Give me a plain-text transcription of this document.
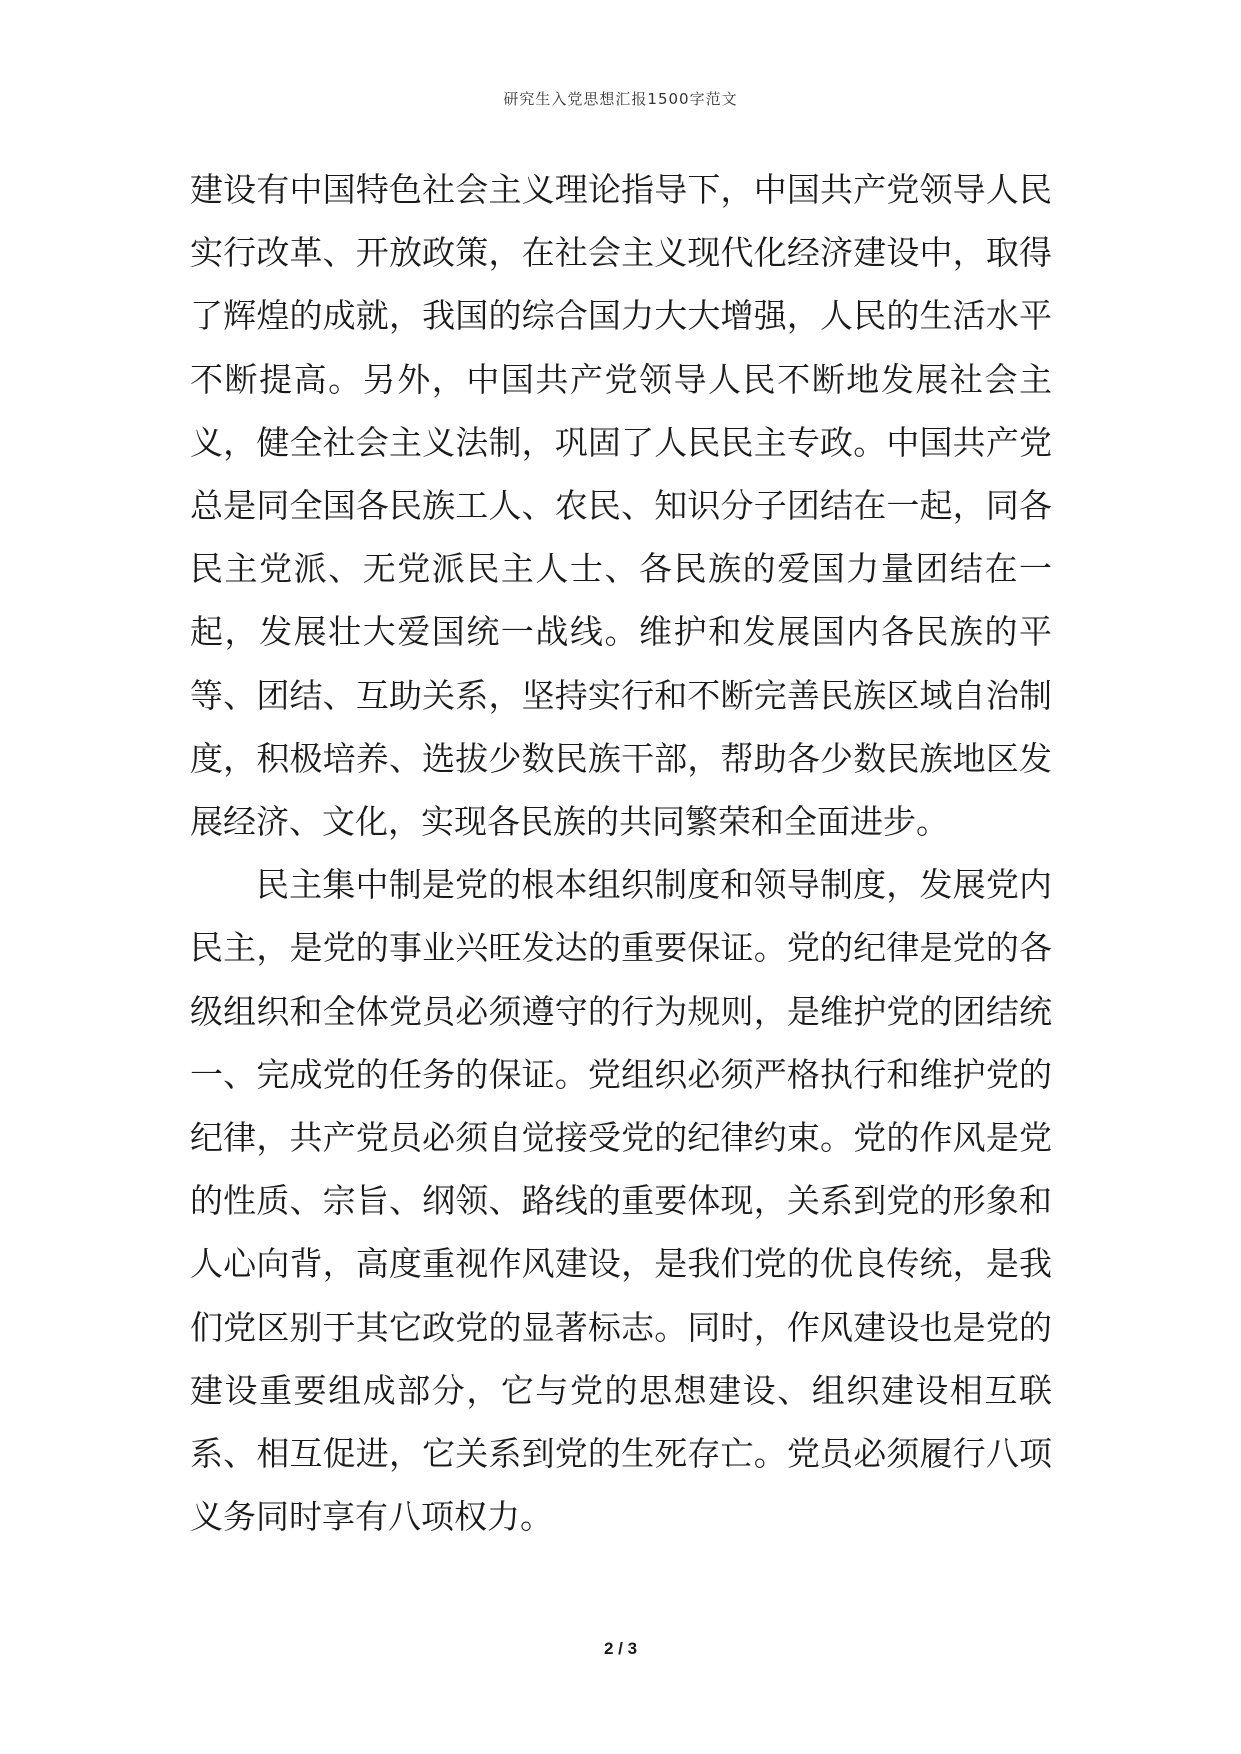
研究生入党思想汇报1500字范文

建设有中国特色社会主义理论指导下，中国共产党领导人民实行改革、开放政策，在社会主义现代化经济建设中，取得了辉煌的成就，我国的综合国力大大增强，人民的生活水平不断提高。另外，中国共产党领导人民不断地发展社会主义，健全社会主义法制，巩固了人民民主专政。中国共产党总是同全国各民族工人、农民、知识分子团结在一起，同各民主党派、无党派民主人士、各民族的爱国力量团结在一起，发展壮大爱国统一战线。维护和发展国内各民族的平等、团结、互助关系，坚持实行和不断完善民族区域自治制度，积极培养、选拔少数民族干部，帮助各少数民族地区发展经济、文化，实现各民族的共同繁荣和全面进步。

民主集中制是党的根本组织制度和领导制度，发展党内民主，是党的事业兴旺发达的重要保证。党的纪律是党的各级组织和全体党员必须遵守的行为规则，是维护党的团结统一、完成党的任务的保证。党组织必须严格执行和维护党的纪律，共产党员必须自觉接受党的纪律约束。党的作风是党的性质、宗旨、纲领、路线的重要体现，关系到党的形象和人心向背，高度重视作风建设，是我们党的优良传统，是我们党区别于其它政党的显著标志。同时，作风建设也是党的建设重要组成部分，它与党的思想建设、组织建设相互联系、相互促进，它关系到党的生死存亡。党员必须履行八项义务同时享有八项权力。

2 / 3
